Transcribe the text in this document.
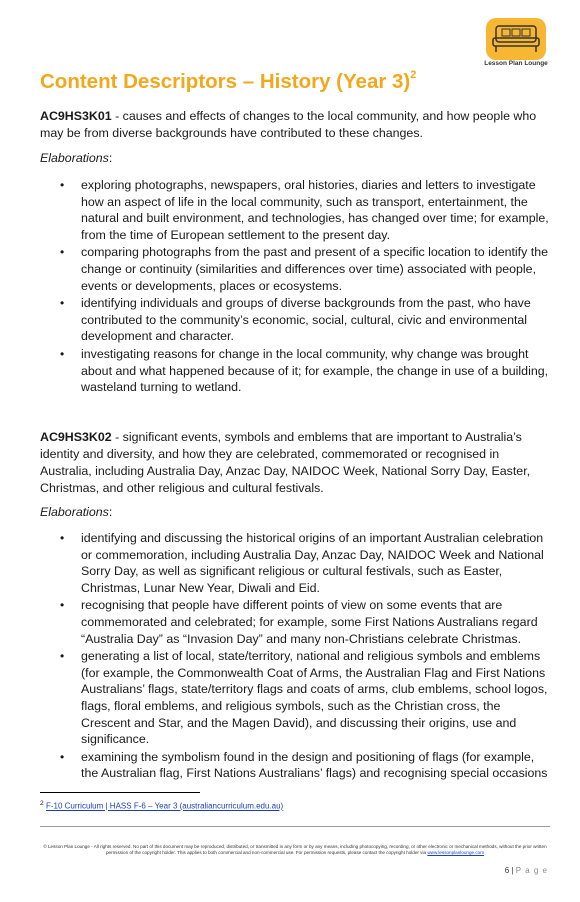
Lesson Plan Lounge
Content Descriptors – History (Year 3)$^2$
AC9HS3K01 - causes and effects of changes to the local community, and how people who may be from diverse backgrounds have contributed to these changes.
Elaborations:
• exploring photographs, newspapers, oral histories, diaries and letters to investigate how an aspect of life in the local community, such as transport, entertainment, the natural and built environment, and technologies, has changed over time; for example, from the time of European settlement to the present day.
• comparing photographs from the past and present of a specific location to identify the change or continuity (similarities and differences over time) associated with people, events or developments, places or ecosystems.
• identifying individuals and groups of diverse backgrounds from the past, who have contributed to the community’s economic, social, cultural, civic and environmental development and character.
• investigating reasons for change in the local community, why change was brought about and what happened because of it; for example, the change in use of a building, wasteland turning to wetland.
AC9HS3K02 - significant events, symbols and emblems that are important to Australia’s identity and diversity, and how they are celebrated, commemorated or recognised in Australia, including Australia Day, Anzac Day, NAIDOC Week, National Sorry Day, Easter, Christmas, and other religious and cultural festivals.
Elaborations:
• identifying and discussing the historical origins of an important Australian celebration or commemoration, including Australia Day, Anzac Day, NAIDOC Week and National Sorry Day, as well as significant religious or cultural festivals, such as Easter, Christmas, Lunar New Year, Diwali and Eid.
• recognising that people have different points of view on some events that are commemorated and celebrated; for example, some First Nations Australians regard “Australia Day” as “Invasion Day” and many non-Christians celebrate Christmas.
• generating a list of local, state/territory, national and religious symbols and emblems (for example, the Commonwealth Coat of Arms, the Australian Flag and First Nations Australians’ flags, state/territory flags and coats of arms, club emblems, school logos, flags, floral emblems, and religious symbols, such as the Christian cross, the Crescent and Star, and the Magen David), and discussing their origins, use and significance.
• examining the symbolism found in the design and positioning of flags (for example, the Australian flag, First Nations Australians’ flags) and recognising special occasions
$^2$ F-10 Curriculum | HASS F-6 – Year 3 (australiancurriculum.edu.au)
© Lesson Plan Lounge - All rights reserved. No part of this document may be reproduced, distributed, or transmitted in any form or by any means, including photocopying, recording, or other electronic or mechanical methods, without the prior written permission of the copyright holder. This applies to both commercial and non-commercial use. For permission requests, please contact the copyright holder via www.lessonplanlounge.com
6 | P a g e
